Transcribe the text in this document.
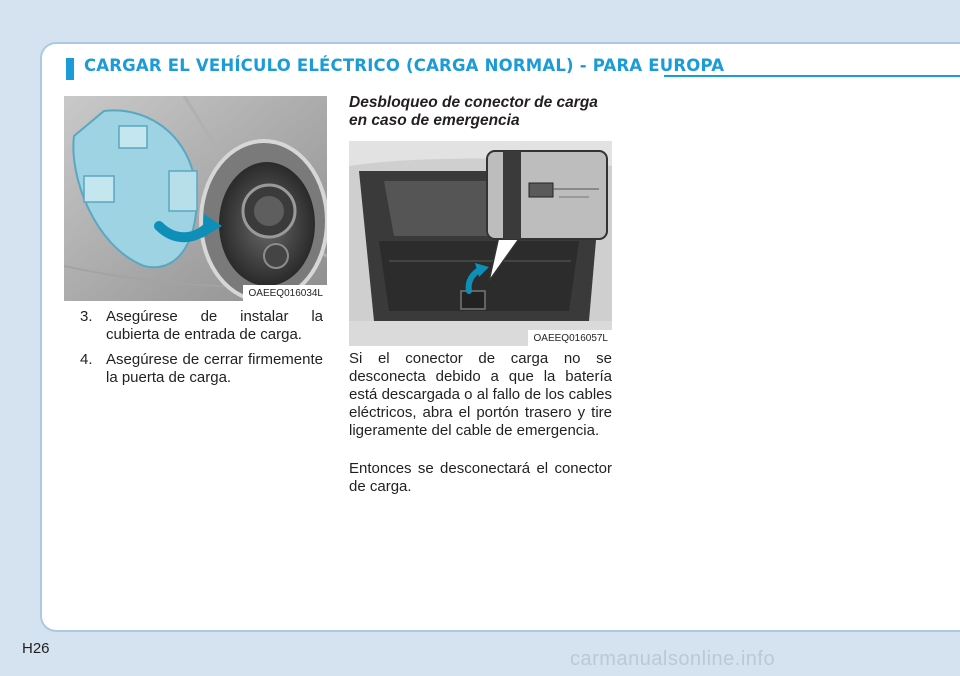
CARGAR EL VEHÍCULO ELÉCTRICO (CARGA NORMAL) - PARA EUROPA
OAEEQ016034L
3. Asegúrese de instalar la cubierta de entrada de carga.
4. Asegúrese de cerrar firmemente la puerta de carga.
Desbloqueo de conector de carga en caso de emergencia
OAEEQ016057L

Si el conector de carga no se desconecta debido a que la batería está descargada o al fallo de los cables eléctricos, abra el portón trasero y tire ligeramente del cable de emergencia.

Entonces se desconectará el conector de carga.

H26	carmanualsonline.info
